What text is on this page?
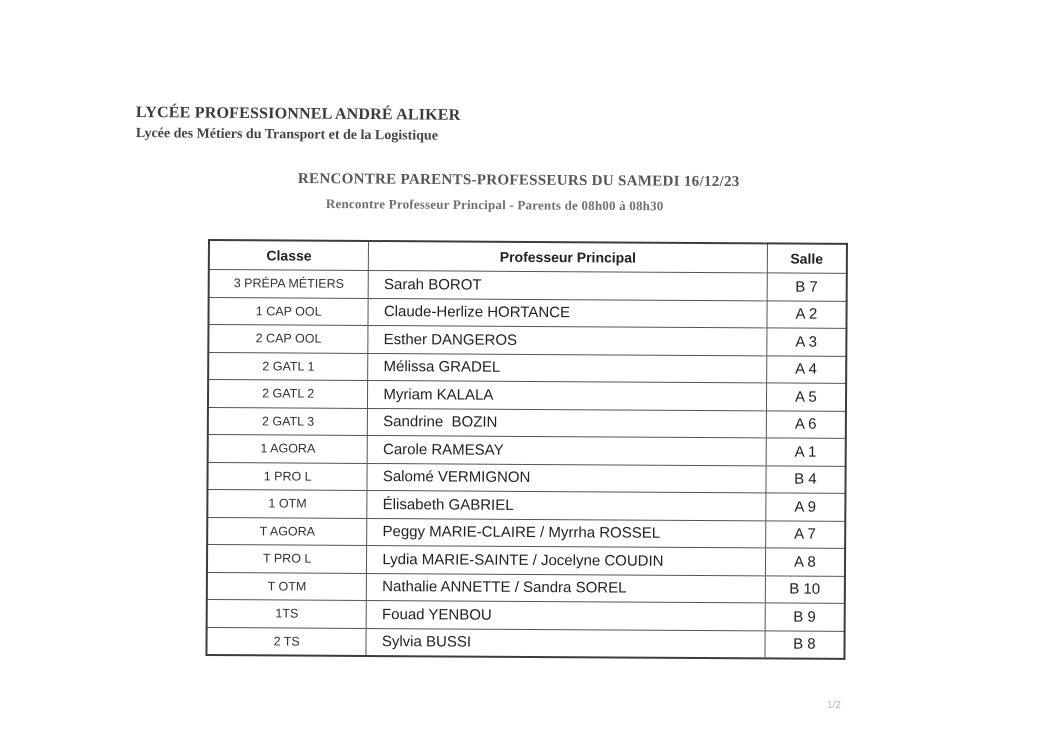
LYCÉE PROFESSIONNEL ANDRÉ ALIKER
Lycée des Métiers du Transport et de la Logistique
RENCONTRE PARENTS-PROFESSEURS DU SAMEDI 16/12/23
Rencontre Professeur Principal - Parents de 08h00 à 08h30
Classe	Professeur Principal	Salle
3 PRÉPA MÉTIERS	Sarah BOROT	B 7
1 CAP OOL	Claude-Herlize HORTANCE	A 2
2 CAP OOL	Esther DANGEROS	A 3
2 GATL 1	Mélissa GRADEL	A 4
2 GATL 2	Myriam KALALA	A 5
2 GATL 3	Sandrine  BOZIN	A 6
1 AGORA	Carole RAMESAY	A 1
1 PRO L	Salomé VERMIGNON	B 4
1 OTM	Élisabeth GABRIEL	A 9
T AGORA	Peggy MARIE-CLAIRE / Myrrha ROSSEL	A 7
T PRO L	Lydia MARIE-SAINTE / Jocelyne COUDIN	A 8
T OTM	Nathalie ANNETTE / Sandra SOREL	B 10
1TS	Fouad YENBOU	B 9
2 TS	Sylvia BUSSI	B 8
1/2
